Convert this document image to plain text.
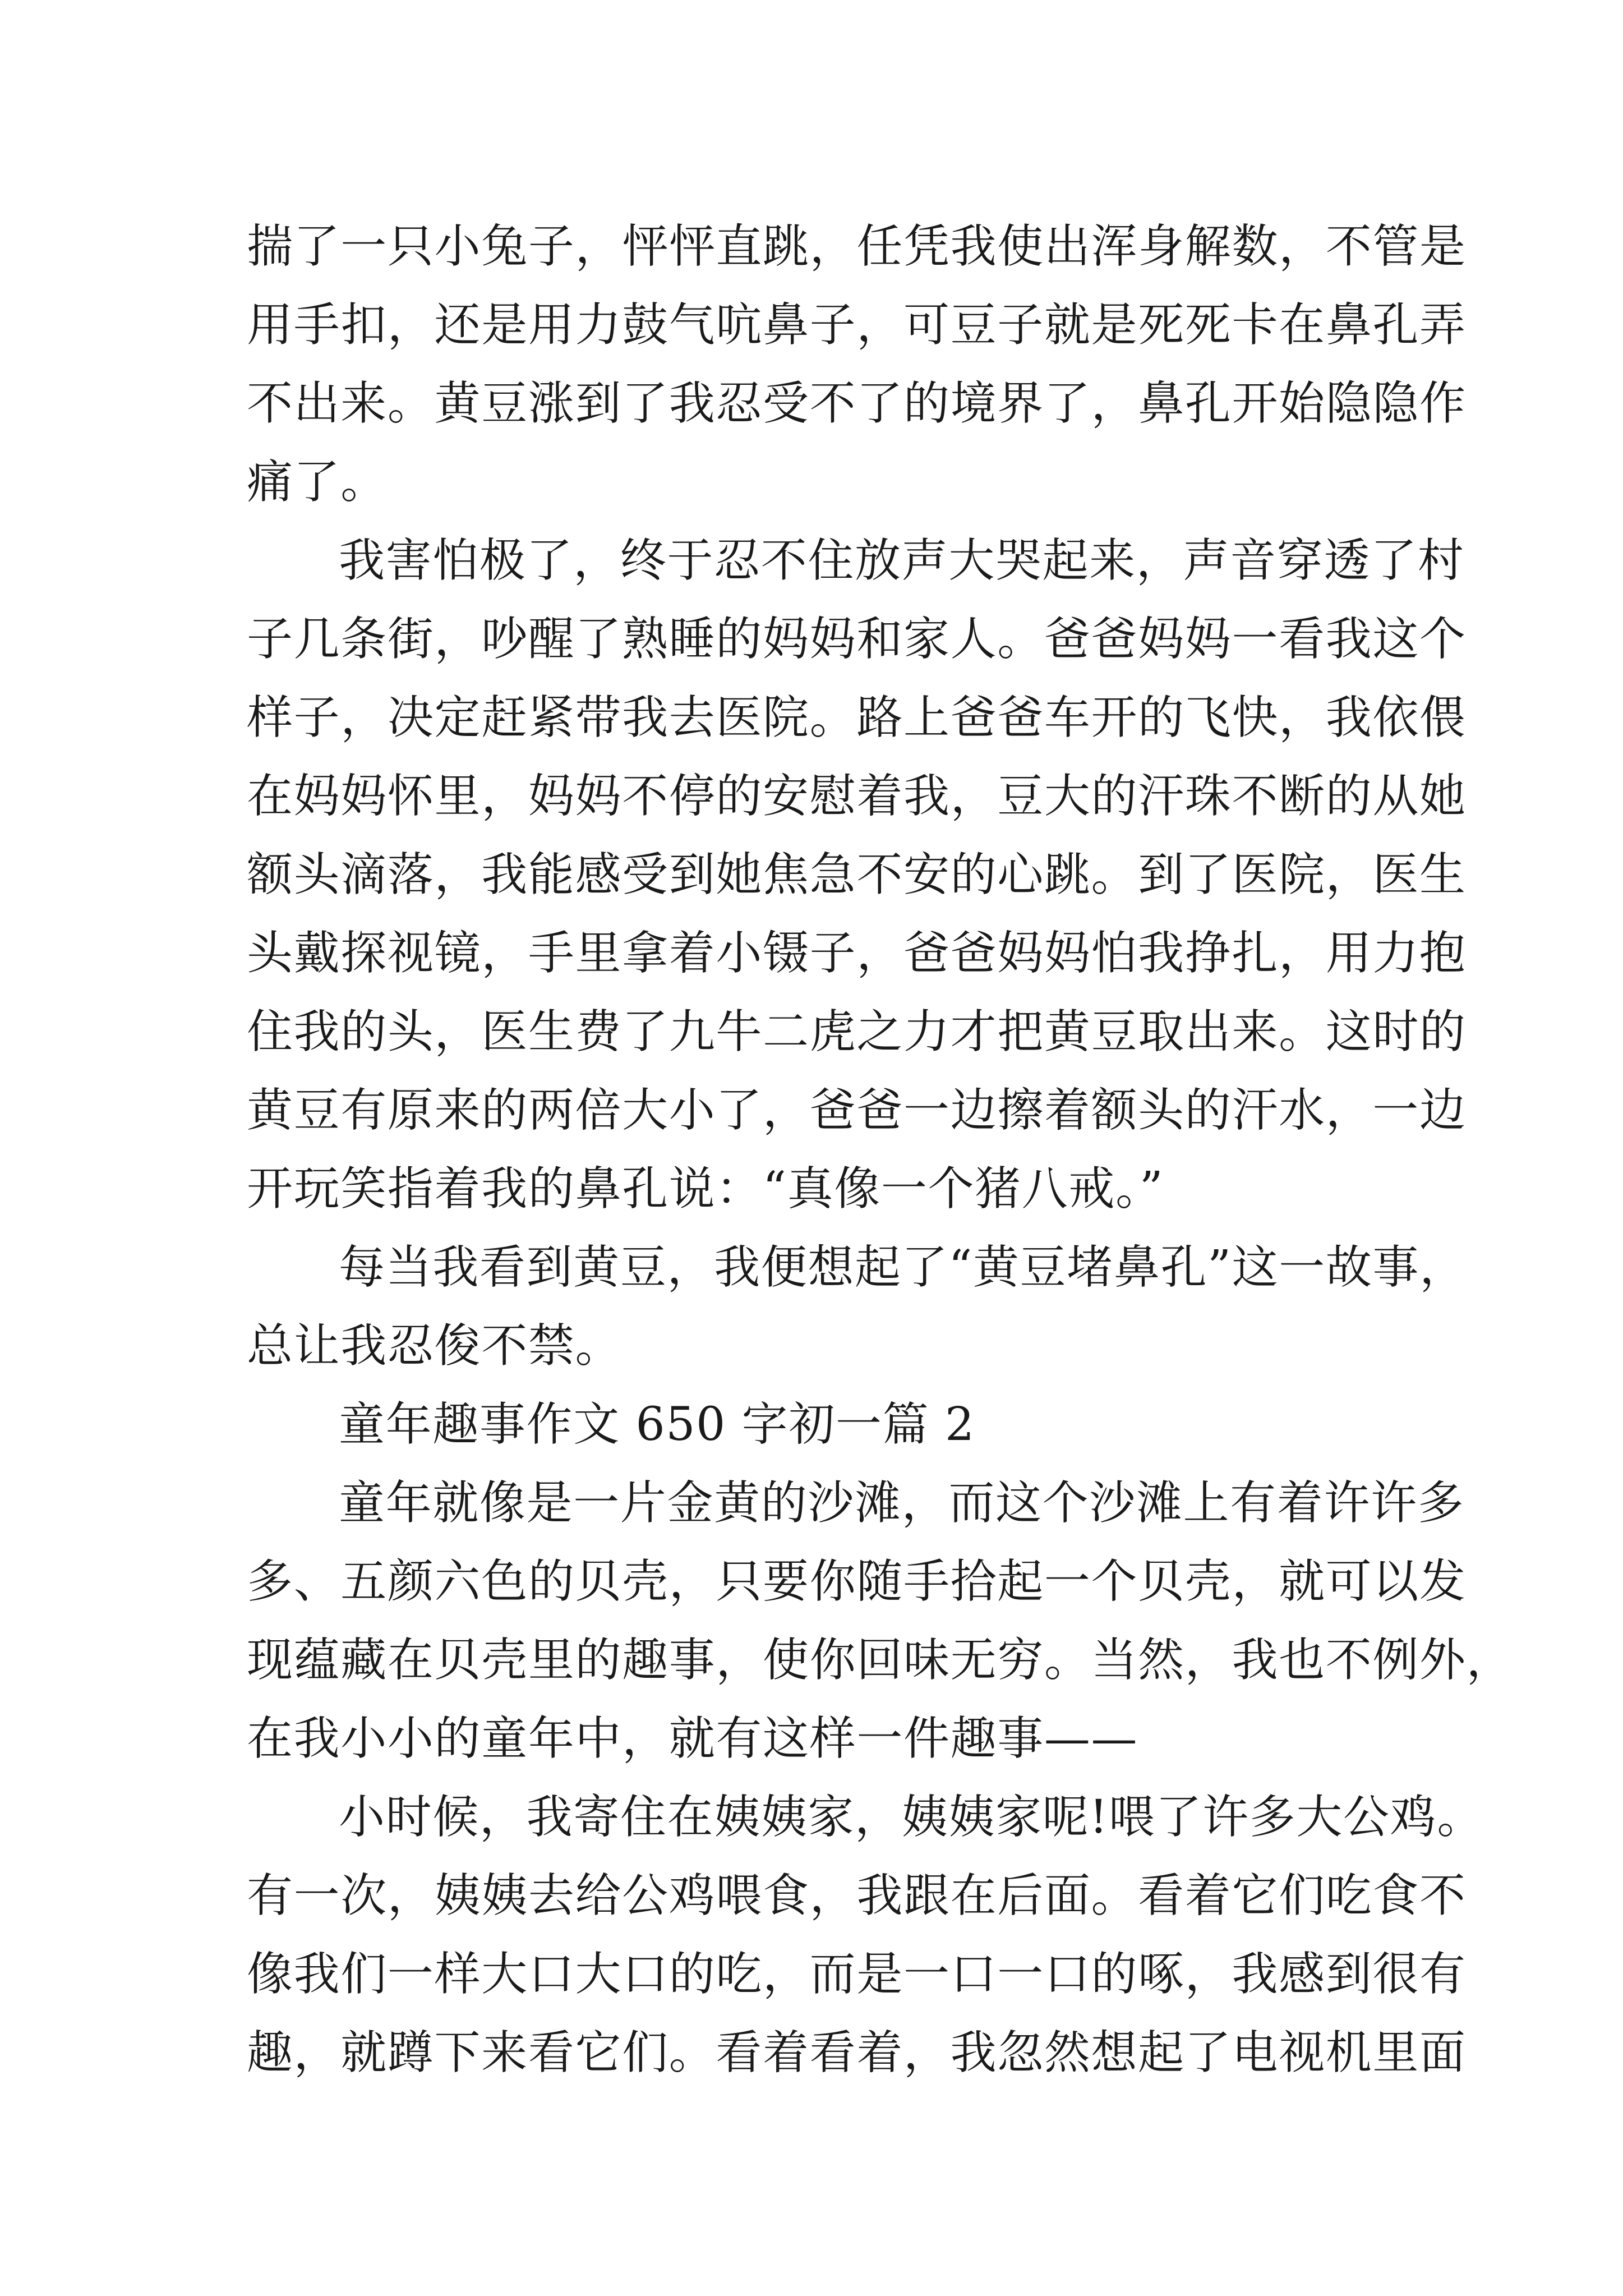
揣了一只小兔子，怦怦直跳，任凭我使出浑身解数，不管是
用手扣，还是用力鼓气吭鼻子，可豆子就是死死卡在鼻孔弄
不出来。黄豆涨到了我忍受不了的境界了，鼻孔开始隐隐作
痛了。
我害怕极了，终于忍不住放声大哭起来，声音穿透了村
子几条街，吵醒了熟睡的妈妈和家人。爸爸妈妈一看我这个
样子，决定赶紧带我去医院。路上爸爸车开的飞快，我依偎
在妈妈怀里，妈妈不停的安慰着我，豆大的汗珠不断的从她
额头滴落，我能感受到她焦急不安的心跳。到了医院，医生
头戴探视镜，手里拿着小镊子，爸爸妈妈怕我挣扎，用力抱
住我的头，医生费了九牛二虎之力才把黄豆取出来。这时的
黄豆有原来的两倍大小了，爸爸一边擦着额头的汗水，一边
开玩笑指着我的鼻孔说：“真像一个猪八戒。”
每当我看到黄豆，我便想起了“黄豆堵鼻孔”这一故事，
总让我忍俊不禁。
童年趣事作文 650 字初一篇 2
童年就像是一片金黄的沙滩，而这个沙滩上有着许许多
多、五颜六色的贝壳，只要你随手拾起一个贝壳，就可以发
现蕴藏在贝壳里的趣事，使你回味无穷。当然，我也不例外，
在我小小的童年中，就有这样一件趣事——
小时候，我寄住在姨姨家，姨姨家呢!喂了许多大公鸡。
有一次，姨姨去给公鸡喂食，我跟在后面。看着它们吃食不
像我们一样大口大口的吃，而是一口一口的啄，我感到很有
趣，就蹲下来看它们。看着看着，我忽然想起了电视机里面
